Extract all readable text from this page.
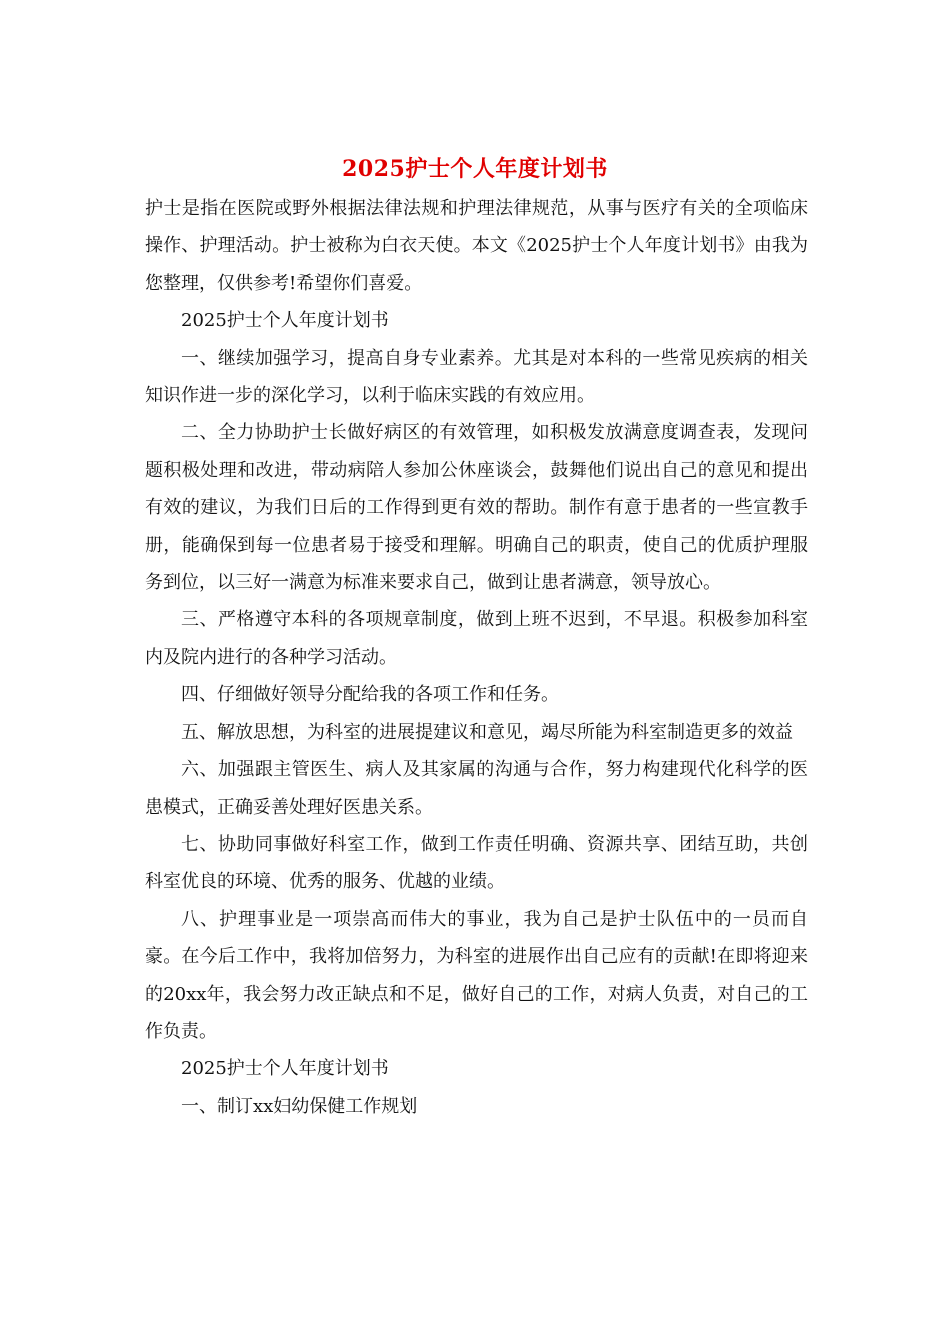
2025护士个人年度计划书

护士是指在医院或野外根据法律法规和护理法律规范，从事与医疗有关的全项临床操作、护理活动。护士被称为白衣天使。本文《2025护士个人年度计划书》由我为您整理，仅供参考!希望你们喜爱。

2025护士个人年度计划书

一、继续加强学习，提高自身专业素养。尤其是对本科的一些常见疾病的相关知识作进一步的深化学习，以利于临床实践的有效应用。

二、全力协助护士长做好病区的有效管理，如积极发放满意度调查表，发现问题积极处理和改进，带动病陪人参加公休座谈会，鼓舞他们说出自己的意见和提出有效的建议，为我们日后的工作得到更有效的帮助。制作有意于患者的一些宣教手册，能确保到每一位患者易于接受和理解。明确自己的职责，使自己的优质护理服务到位，以三好一满意为标准来要求自己，做到让患者满意，领导放心。

三、严格遵守本科的各项规章制度，做到上班不迟到，不早退。积极参加科室内及院内进行的各种学习活动。

四、仔细做好领导分配给我的各项工作和任务。

五、解放思想，为科室的进展提建议和意见，竭尽所能为科室制造更多的效益

六、加强跟主管医生、病人及其家属的沟通与合作，努力构建现代化科学的医患模式，正确妥善处理好医患关系。

七、协助同事做好科室工作，做到工作责任明确、资源共享、团结互助，共创科室优良的环境、优秀的服务、优越的业绩。

八、护理事业是一项崇高而伟大的事业，我为自己是护士队伍中的一员而自豪。在今后工作中，我将加倍努力，为科室的进展作出自己应有的贡献!在即将迎来的20xx年，我会努力改正缺点和不足，做好自己的工作，对病人负责，对自己的工作负责。

2025护士个人年度计划书

一、制订xx妇幼保健工作规划
